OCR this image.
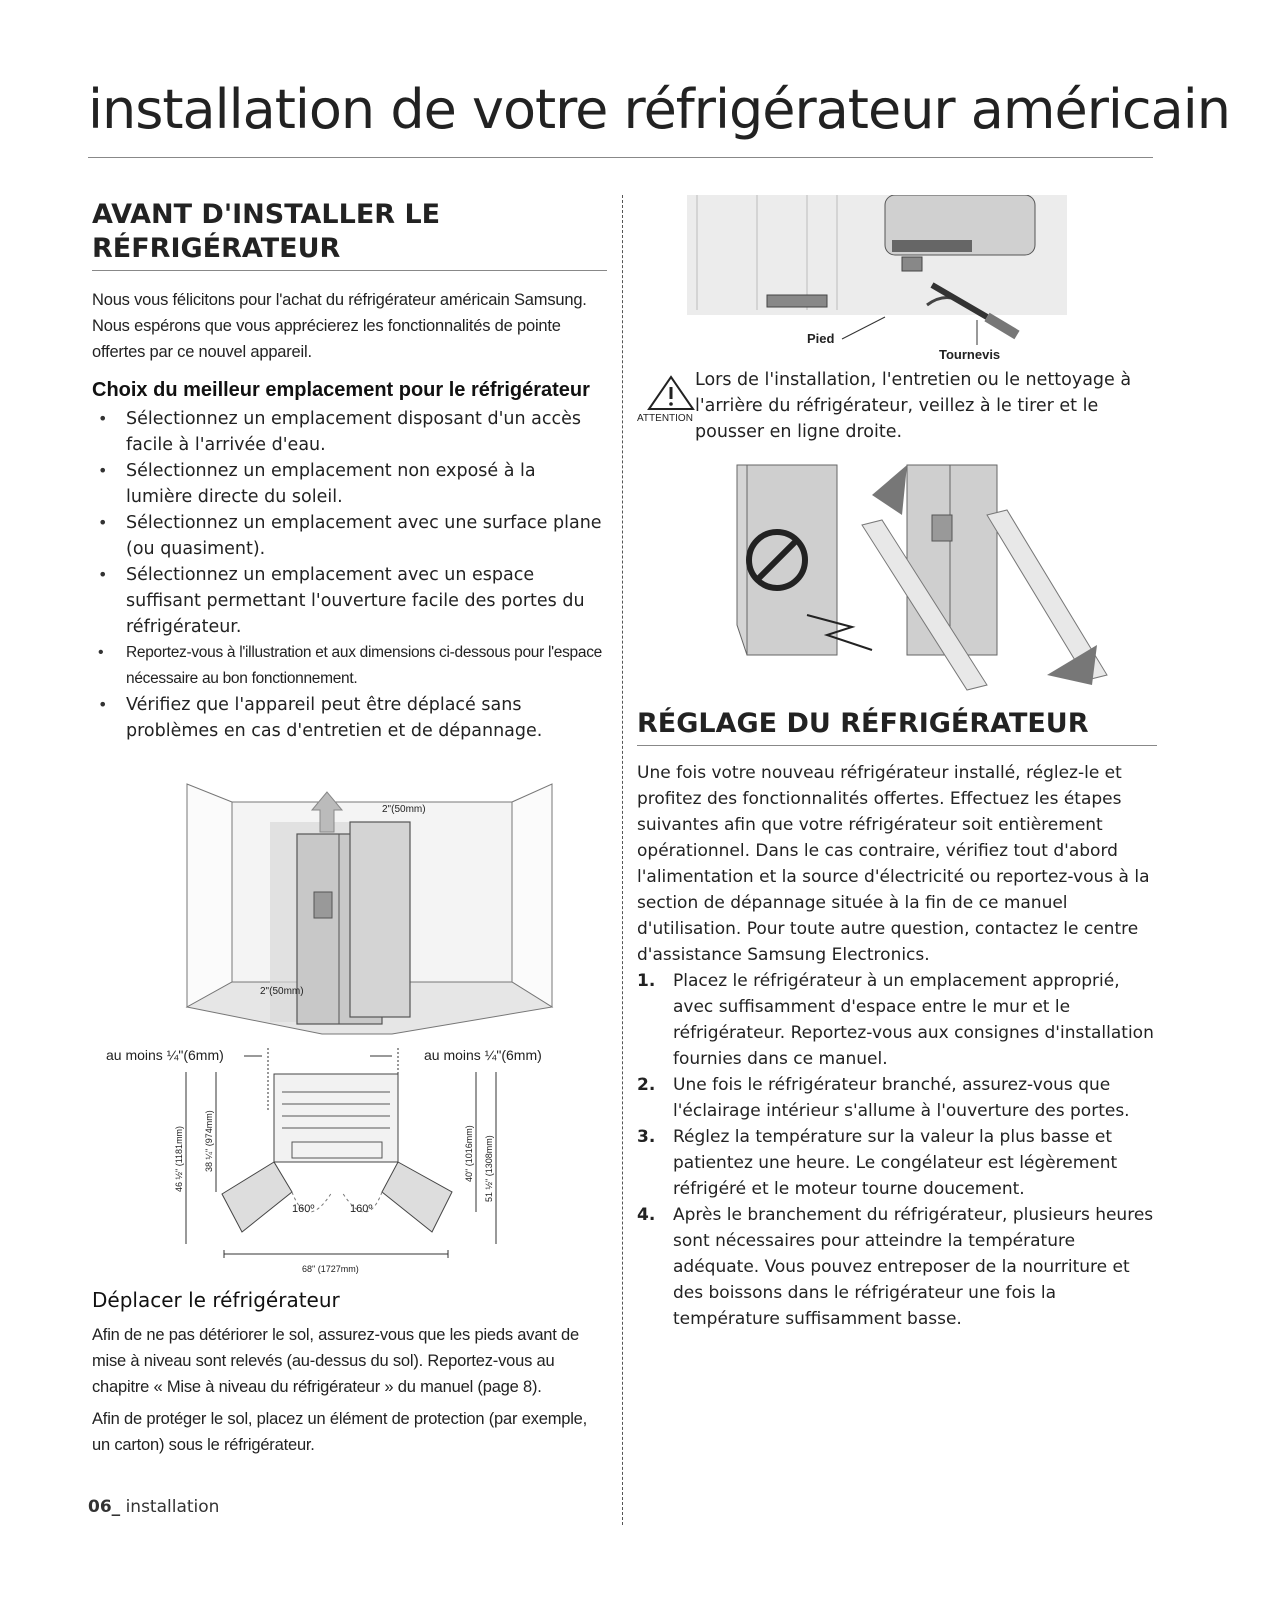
installation de votre réfrigérateur américain
AVANT D'INSTALLER LE
RÉFRIGÉRATEUR

Nous vous félicitons pour l'achat du réfrigérateur américain Samsung. Nous espérons que vous apprécierez les fonctionnalités de pointe offertes par ce nouvel appareil.

Choix du meilleur emplacement pour le réfrigérateur
• Sélectionnez un emplacement disposant d'un accès facile à l'arrivée d'eau.
• Sélectionnez un emplacement non exposé à la lumière directe du soleil.
• Sélectionnez un emplacement avec une surface plane (ou quasiment).
• Sélectionnez un emplacement avec un espace suffisant permettant l'ouverture facile des portes du réfrigérateur.
• Reportez-vous à l'illustration et aux dimensions ci-dessous pour l'espace nécessaire au bon fonctionnement.
• Vérifiez que l'appareil peut être déplacé sans problèmes en cas d'entretien et de dépannage.
2"(50mm)
2"(50mm)
au moins ¼"(6mm)	au moins ¼"(6mm)
160º	160º
46 ½" (1181mm) 38 ¼" (974mm)	40" (1016mm) 51 ½" (1308mm)
68" (1727mm)
Déplacer le réfrigérateur

Afin de ne pas détériorer le sol, assurez-vous que les pieds avant de mise à niveau sont relevés (au-dessus du sol). Reportez-vous au chapitre « Mise à niveau du réfrigérateur » du manuel (page 8).

Afin de protéger le sol, placez un élément de protection (par exemple, un carton) sous le réfrigérateur.

Pied
Tournevis
ATTENTION
Lors de l'installation, l'entretien ou le nettoyage à l'arrière du réfrigérateur, veillez à le tirer et le pousser en ligne droite.
RÉGLAGE DU RÉFRIGÉRATEUR

Une fois votre nouveau réfrigérateur installé, réglez-le et profitez des fonctionnalités offertes. Effectuez les étapes suivantes afin que votre réfrigérateur soit entièrement opérationnel. Dans le cas contraire, vérifiez tout d'abord l'alimentation et la source d'électricité ou reportez-vous à la section de dépannage située à la fin de ce manuel d'utilisation. Pour toute autre question, contactez le centre d'assistance Samsung Electronics.

1. Placez le réfrigérateur à un emplacement approprié, avec suffisamment d'espace entre le mur et le réfrigérateur. Reportez-vous aux consignes d'installation fournies dans ce manuel.
2. Une fois le réfrigérateur branché, assurez-vous que l'éclairage intérieur s'allume à l'ouverture des portes.
3. Réglez la température sur la valeur la plus basse et patientez une heure. Le congélateur est légèrement réfrigéré et le moteur tourne doucement.
4. Après le branchement du réfrigérateur, plusieurs heures sont nécessaires pour atteindre la température adéquate. Vous pouvez entreposer de la nourriture et des boissons dans le réfrigérateur une fois la température suffisamment basse.
06_ installation
